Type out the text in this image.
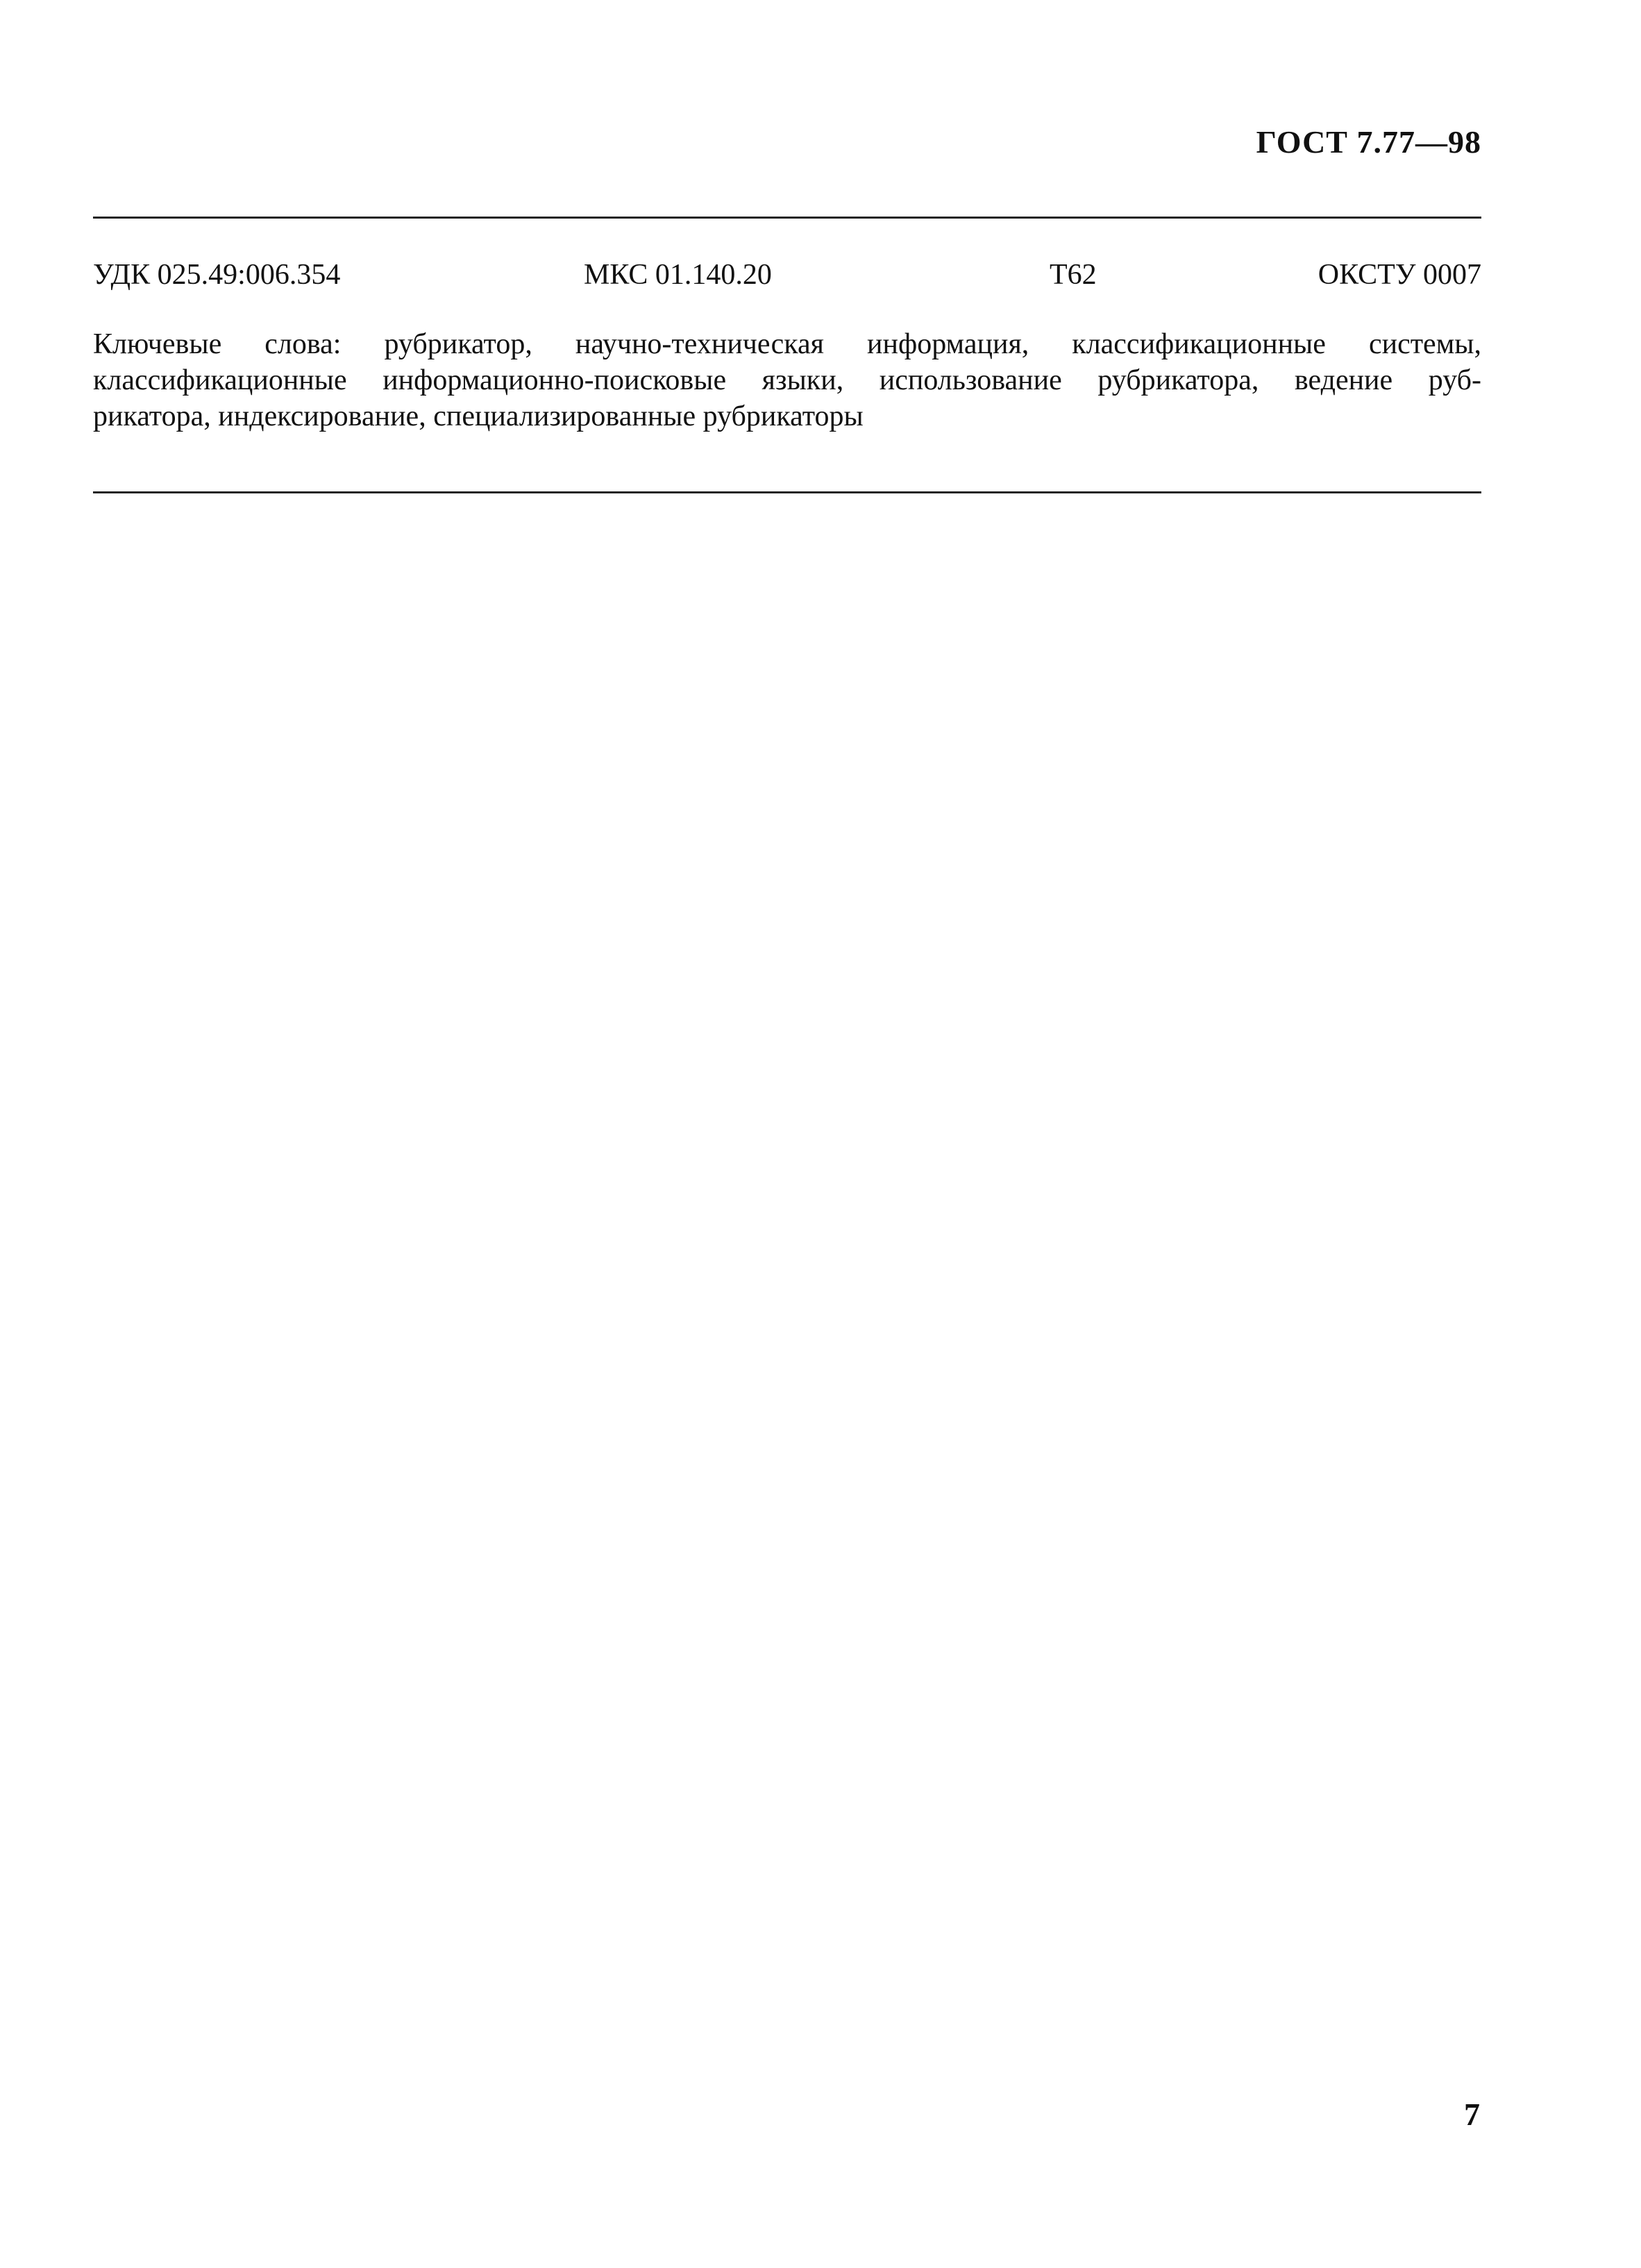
ГОСТ 7.77—98
УДК 025.49:006.354	МКС 01.140.20	Т62	ОКСТУ 0007
Ключевые слова: рубрикатор, научно-техническая информация, классификационные системы,
классификационные информационно-поисковые языки, использование рубрикатора, ведение руб-
рикатора, индексирование, специализированные рубрикаторы
7
